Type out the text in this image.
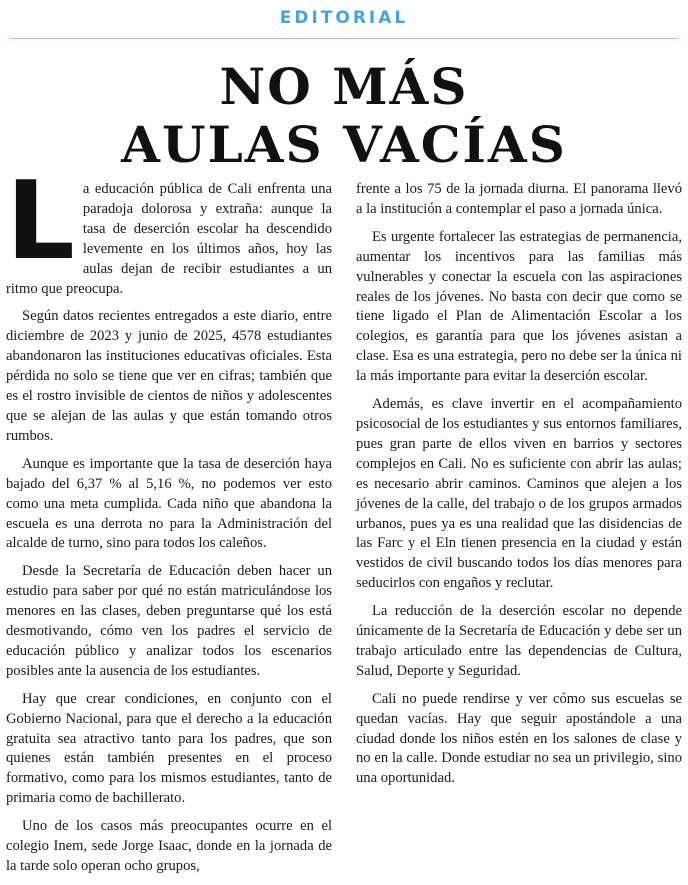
EDITORIAL
NO MÁS
AULAS VACÍAS

La educación pública de Cali enfrenta una paradoja dolorosa y extraña: aunque la tasa de deserción escolar ha descendido levemente en los últimos años, hoy las aulas dejan de recibir estudiantes a un ritmo que preocupa.

Según datos recientes entregados a este diario, entre diciembre de 2023 y junio de 2025, 4578 estudiantes abandonaron las instituciones educativas oficiales. Esta pérdida no solo se tiene que ver en cifras; también que es el rostro invisible de cientos de niños y adolescentes que se alejan de las aulas y que están tomando otros rumbos.

Aunque es importante que la tasa de deserción haya bajado del 6,37 % al 5,16 %, no podemos ver esto como una meta cumplida. Cada niño que abandona la escuela es una derrota no para la Administración del alcalde de turno, sino para todos los caleños.

Desde la Secretaría de Educación deben hacer un estudio para saber por qué no están matriculándose los menores en las clases, deben preguntarse qué los está desmotivando, cómo ven los padres el servicio de educación público y analizar todos los escenarios posibles ante la ausencia de los estudiantes.

Hay que crear condiciones, en conjunto con el Gobierno Nacional, para que el derecho a la educación gratuita sea atractivo tanto para los padres, que son quienes están también presentes en el proceso formativo, como para los mismos estudiantes, tanto de primaria como de bachillerato.

Uno de los casos más preocupantes ocurre en el colegio Inem, sede Jorge Isaac, donde en la jornada de la tarde solo operan ocho grupos,

frente a los 75 de la jornada diurna. El panorama llevó a la institución a contemplar el paso a jornada única.

Es urgente fortalecer las estrategias de permanencia, aumentar los incentivos para las familias más vulnerables y conectar la escuela con las aspiraciones reales de los jóvenes. No basta con decir que como se tiene ligado el Plan de Alimentación Escolar a los colegios, es garantía para que los jóvenes asistan a clase. Esa es una estrategia, pero no debe ser la única ni la más importante para evitar la deserción escolar.

Además, es clave invertir en el acompañamiento psicosocial de los estudiantes y sus entornos familiares, pues gran parte de ellos viven en barrios y sectores complejos en Cali. No es suficiente con abrir las aulas; es necesario abrir caminos. Caminos que alejen a los jóvenes de la calle, del trabajo o de los grupos armados urbanos, pues ya es una realidad que las disidencias de las Farc y el Eln tienen presencia en la ciudad y están vestidos de civil buscando todos los días menores para seducirlos con engaños y reclutar.

La reducción de la deserción escolar no depende únicamente de la Secretaría de Educación y debe ser un trabajo articulado entre las dependencias de Cultura, Salud, Deporte y Seguridad.

Cali no puede rendirse y ver cómo sus escuelas se quedan vacías. Hay que seguir apostándole a una ciudad donde los niños estén en los salones de clase y no en la calle. Donde estudiar no sea un privilegio, sino una oportunidad.
